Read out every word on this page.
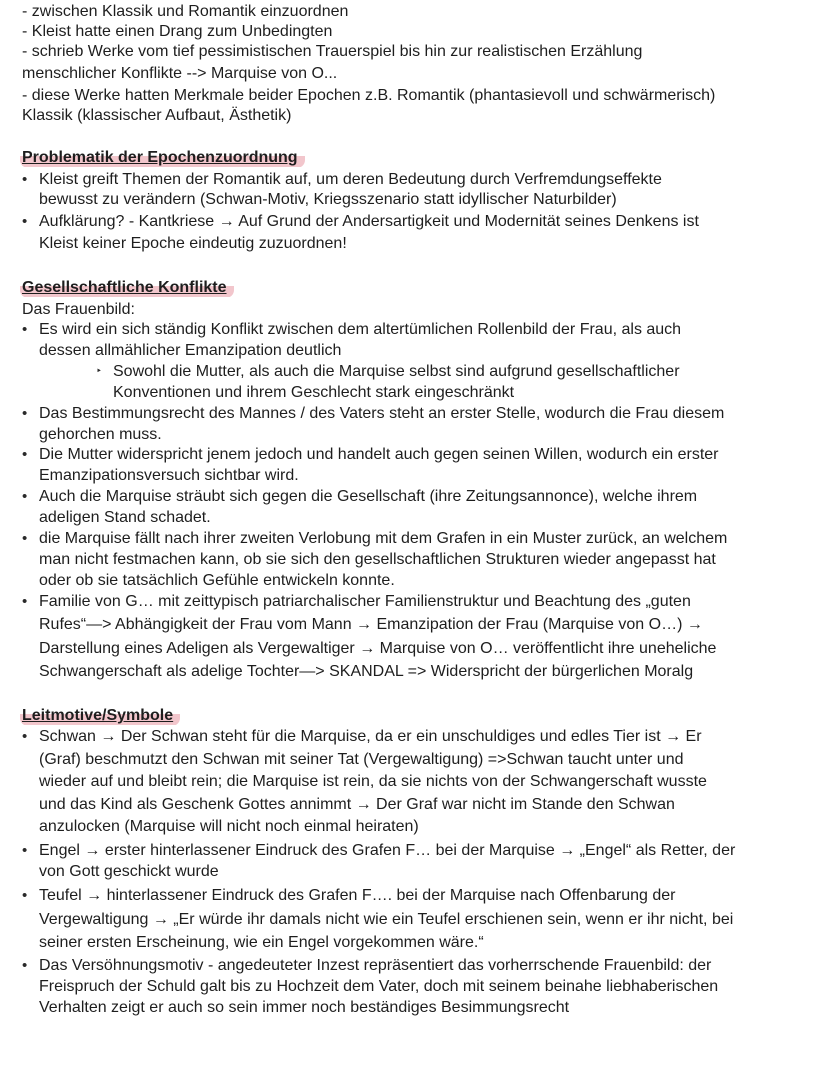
- zwischen Klassik und Romantik einzuordnen
- Kleist hatte einen Drang zum Unbedingten
- schrieb Werke vom tief pessimistischen Trauerspiel bis hin zur realistischen Erzählung
menschlicher Konflikte --> Marquise von O...
- diese Werke hatten Merkmale beider Epochen z.B. Romantik (phantasievoll und schwärmerisch)
Klassik (klassischer Aufbaut, Ästhetik)
Problematik der Epochenzuordnung
• Kleist greift Themen der Romantik auf, um deren Bedeutung durch Verfremdungseffekte
bewusst zu verändern (Schwan-Motiv, Kriegsszenario statt idyllischer Naturbilder)
• Aufklärung? - Kantkriese → Auf Grund der Andersartigkeit und Modernität seines Denkens ist
Kleist keiner Epoche eindeutig zuzuordnen!
Gesellschaftliche Konflikte
Das Frauenbild:
• Es wird ein sich ständig Konflikt zwischen dem altertümlichen Rollenbild der Frau, als auch
dessen allmählicher Emanzipation deutlich
‣ Sowohl die Mutter, als auch die Marquise selbst sind aufgrund gesellschaftlicher
Konventionen und ihrem Geschlecht stark eingeschränkt
• Das Bestimmungsrecht des Mannes / des Vaters steht an erster Stelle, wodurch die Frau diesem
gehorchen muss.
• Die Mutter widerspricht jenem jedoch und handelt auch gegen seinen Willen, wodurch ein erster
Emanzipationsversuch sichtbar wird.
• Auch die Marquise sträubt sich gegen die Gesellschaft (ihre Zeitungsannonce), welche ihrem
adeligen Stand schadet.
• die Marquise fällt nach ihrer zweiten Verlobung mit dem Grafen in ein Muster zurück, an welchem
man nicht festmachen kann, ob sie sich den gesellschaftlichen Strukturen wieder angepasst hat
oder ob sie tatsächlich Gefühle entwickeln konnte.
• Familie von G… mit zeittypisch patriarchalischer Familienstruktur und Beachtung des „guten
Rufes“—> Abhängigkeit der Frau vom Mann → Emanzipation der Frau (Marquise von O…) →
Darstellung eines Adeligen als Vergewaltiger → Marquise von O… veröffentlicht ihre uneheliche
Schwangerschaft als adelige Tochter—> SKANDAL => Widerspricht der bürgerlichen Moralg
Leitmotive/Symbole
• Schwan → Der Schwan steht für die Marquise, da er ein unschuldiges und edles Tier ist → Er
(Graf) beschmutzt den Schwan mit seiner Tat (Vergewaltigung) =>Schwan taucht unter und
wieder auf und bleibt rein; die Marquise ist rein, da sie nichts von der Schwangerschaft wusste
und das Kind als Geschenk Gottes annimmt → Der Graf war nicht im Stande den Schwan
anzulocken (Marquise will nicht noch einmal heiraten)
• Engel → erster hinterlassener Eindruck des Grafen F… bei der Marquise → „Engel“ als Retter, der
von Gott geschickt wurde
• Teufel → hinterlassener Eindruck des Grafen F…. bei der Marquise nach Offenbarung der
Vergewaltigung → „Er würde ihr damals nicht wie ein Teufel erschienen sein, wenn er ihr nicht, bei
seiner ersten Erscheinung, wie ein Engel vorgekommen wäre.“
• Das Versöhnungsmotiv - angedeuteter Inzest repräsentiert das vorherrschende Frauenbild: der
Freispruch der Schuld galt bis zu Hochzeit dem Vater, doch mit seinem beinahe liebhaberischen
Verhalten zeigt er auch so sein immer noch beständiges Besimmungsrecht
